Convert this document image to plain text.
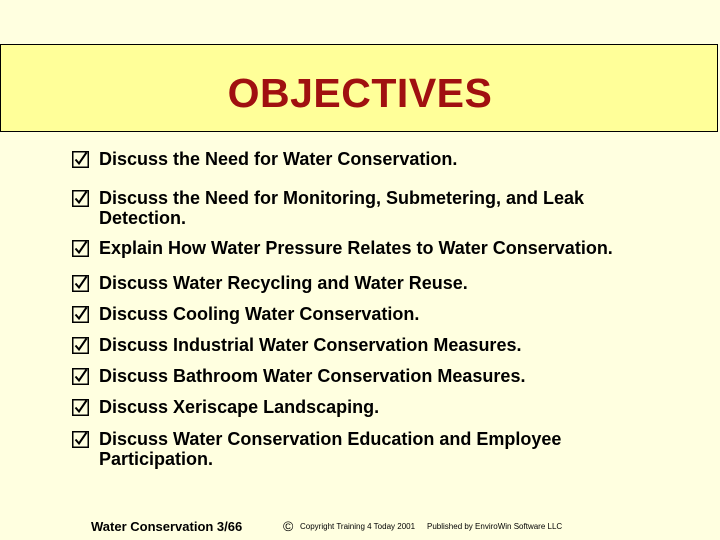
OBJECTIVES
Discuss the Need for Water Conservation.
Discuss the Need for Monitoring, Submetering, and Leak Detection.
Explain How Water Pressure Relates to Water Conservation.
Discuss Water Recycling and Water Reuse.
Discuss Cooling Water Conservation.
Discuss Industrial Water Conservation Measures.
Discuss Bathroom Water Conservation Measures.
Discuss Xeriscape Landscaping.
Discuss Water Conservation Education and Employee Participation.
Water Conservation 3/66	© Copyright Training 4 Today 2001 Published by EnviroWin Software LLC
